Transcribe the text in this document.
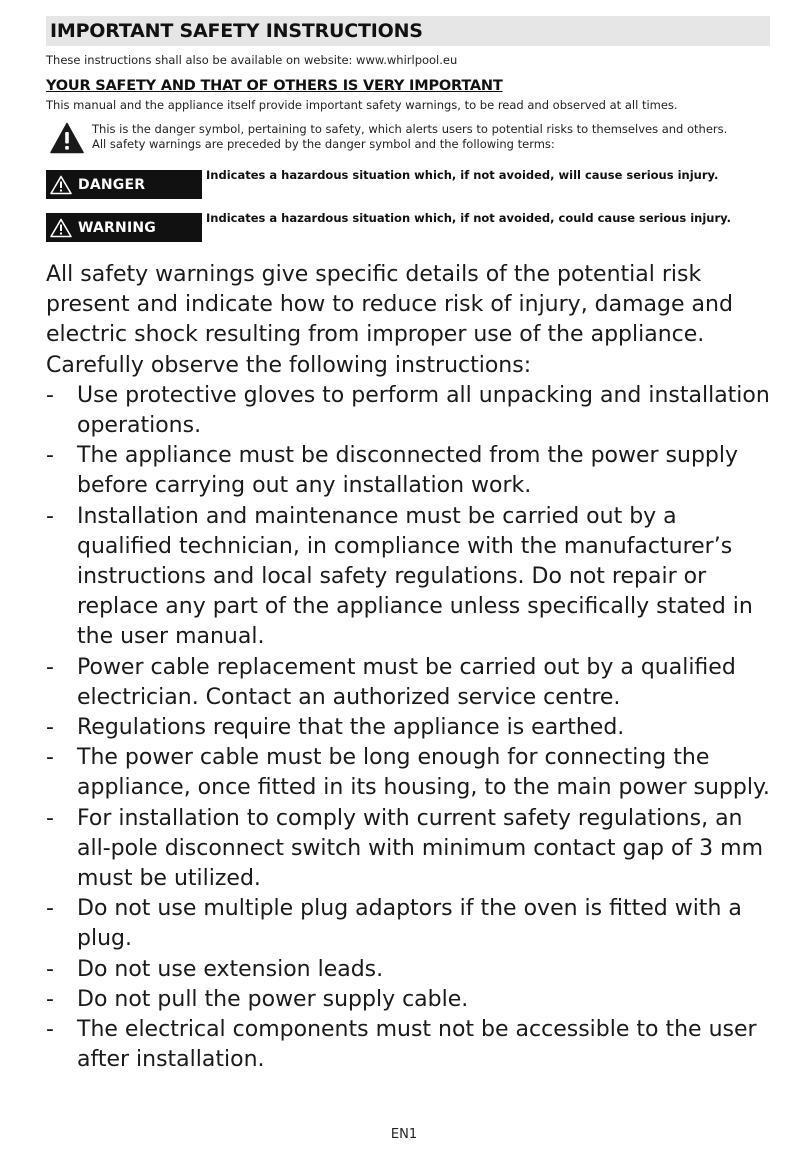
IMPORTANT SAFETY INSTRUCTIONS
These instructions shall also be available on website: www.whirlpool.eu
YOUR SAFETY AND THAT OF OTHERS IS VERY IMPORTANT
This manual and the appliance itself provide important safety warnings, to be read and observed at all times.
This is the danger symbol, pertaining to safety, which alerts users to potential risks to themselves and others.
All safety warnings are preceded by the danger symbol and the following terms:
DANGER
Indicates a hazardous situation which, if not avoided, will cause serious injury.
WARNING
Indicates a hazardous situation which, if not avoided, could cause serious injury.

All safety warnings give specific details of the potential risk present and indicate how to reduce risk of injury, damage and electric shock resulting from improper use of the appliance. Carefully observe the following instructions:

- Use protective gloves to perform all unpacking and installation operations.
- The appliance must be disconnected from the power supply before carrying out any installation work.
- Installation and maintenance must be carried out by a qualified technician, in compliance with the manufacturer’s instructions and local safety regulations. Do not repair or replace any part of the appliance unless specifically stated in the user manual.
- Power cable replacement must be carried out by a qualified electrician. Contact an authorized service centre.
- Regulations require that the appliance is earthed.
- The power cable must be long enough for connecting the appliance, once fitted in its housing, to the main power supply.
- For installation to comply with current safety regulations, an all-pole disconnect switch with minimum contact gap of 3 mm must be utilized.
- Do not use multiple plug adaptors if the oven is fitted with a plug.
- Do not use extension leads.
- Do not pull the power supply cable.
- The electrical components must not be accessible to the user after installation.
EN1
